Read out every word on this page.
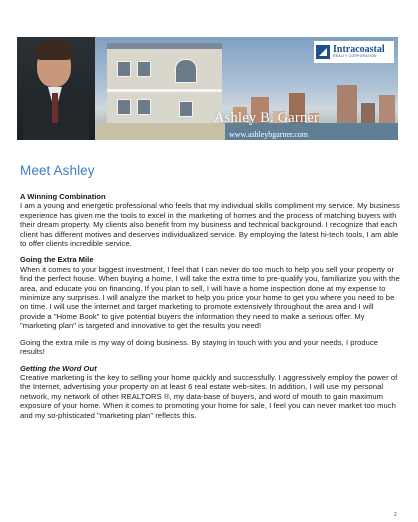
Intracoastal
REALTY CORPORATION
Ashley B. Garner
www.ashleybgarner.com
Meet Ashley
A Winning Combination
I am a young and energetic professional who feels that my individual skills compliment my service. My business experience has given me the tools to excel in the marketing of homes and the process of matching buyers with their dream property. My clients also benefit from my business and technical background. I recognize that each client has different motives and deserves individualized service. By employing the latest hi-tech tools, I am able to offer clients incredible service.
Going the Extra Mile
When it comes to your biggest investment, I feel that I can never do too much to help you sell your property or find the perfect house. When buying a home, I will take the extra time to pre-qualify you, familiarize you with the area, and educate you on financing. If you plan to sell, I will have a home inspection done at my expense to minimize any surprises. I will analyze the market to help you price your home to get you where you need to be on time. I will use the internet and target marketing to promote extensively throughout the area and I will provide a "Home Book" to give potential buyers the information they need to make a serious offer. My "marketing plan" is targeted and innovative to get the results you need!
Going the extra mile is my way of doing business. By staying in touch with you and your needs, I produce results!
Getting the Word Out
Creative marketing is the key to selling your home quickly and successfully. I aggressively employ the power of the Internet, advertising your property on at least 6 real estate web-sites. In addition, I will use my personal network, my network of other REALTORS ®, my data-base of buyers, and word of mouth to gain maximum exposure of your home. When it comes to promoting your home for sale, I feel you can never market too much and my so-phisticated "marketing plan" reflects this.
2
